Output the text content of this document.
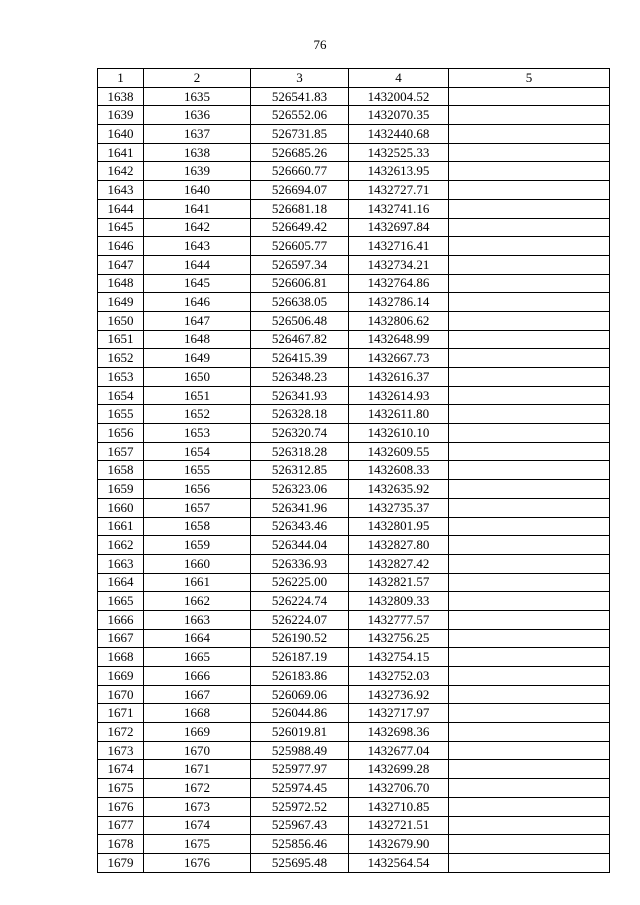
76
1	2	3	4	5
1638	1635	526541.83	1432004.52	
1639	1636	526552.06	1432070.35	
1640	1637	526731.85	1432440.68	
1641	1638	526685.26	1432525.33	
1642	1639	526660.77	1432613.95	
1643	1640	526694.07	1432727.71	
1644	1641	526681.18	1432741.16	
1645	1642	526649.42	1432697.84	
1646	1643	526605.77	1432716.41	
1647	1644	526597.34	1432734.21	
1648	1645	526606.81	1432764.86	
1649	1646	526638.05	1432786.14	
1650	1647	526506.48	1432806.62	
1651	1648	526467.82	1432648.99	
1652	1649	526415.39	1432667.73	
1653	1650	526348.23	1432616.37	
1654	1651	526341.93	1432614.93	
1655	1652	526328.18	1432611.80	
1656	1653	526320.74	1432610.10	
1657	1654	526318.28	1432609.55	
1658	1655	526312.85	1432608.33	
1659	1656	526323.06	1432635.92	
1660	1657	526341.96	1432735.37	
1661	1658	526343.46	1432801.95	
1662	1659	526344.04	1432827.80	
1663	1660	526336.93	1432827.42	
1664	1661	526225.00	1432821.57	
1665	1662	526224.74	1432809.33	
1666	1663	526224.07	1432777.57	
1667	1664	526190.52	1432756.25	
1668	1665	526187.19	1432754.15	
1669	1666	526183.86	1432752.03	
1670	1667	526069.06	1432736.92	
1671	1668	526044.86	1432717.97	
1672	1669	526019.81	1432698.36	
1673	1670	525988.49	1432677.04	
1674	1671	525977.97	1432699.28	
1675	1672	525974.45	1432706.70	
1676	1673	525972.52	1432710.85	
1677	1674	525967.43	1432721.51	
1678	1675	525856.46	1432679.90	
1679	1676	525695.48	1432564.54	
